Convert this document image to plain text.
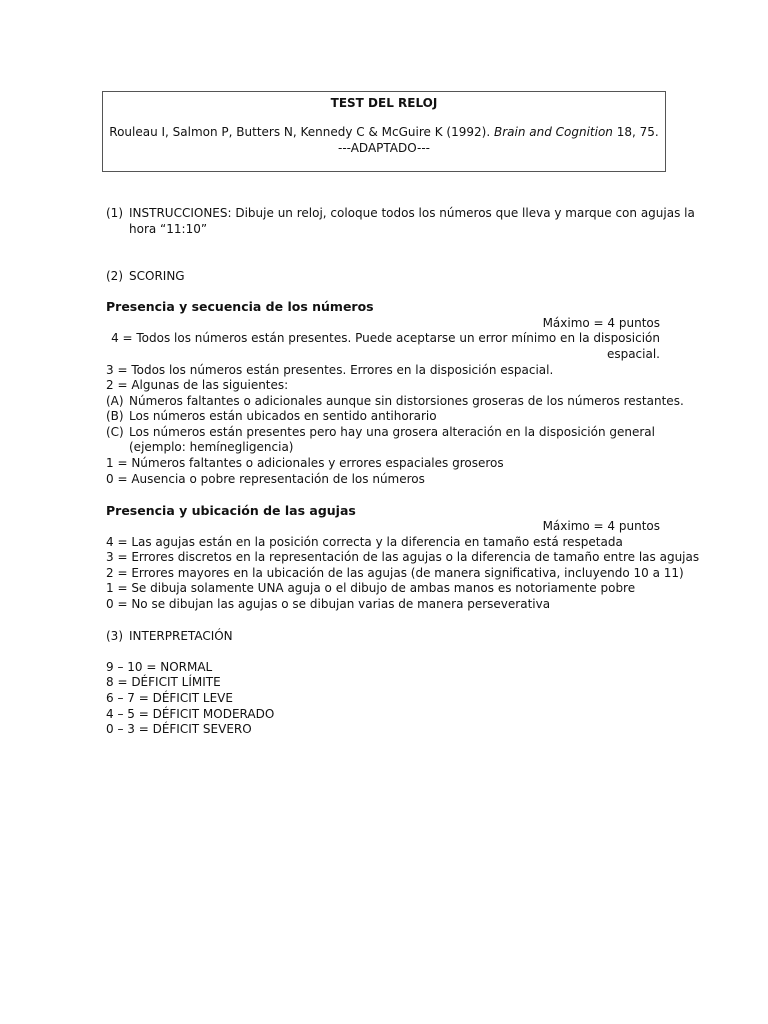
TEST DEL RELOJ
Rouleau I, Salmon P, Butters N, Kennedy C & McGuire K (1992). Brain and Cognition 18, 75.
---ADAPTADO---
(1) INSTRUCCIONES: Dibuje un reloj, coloque todos los números que lleva y marque con agujas la
hora “11:10”
(2) SCORING
Presencia y secuencia de los números
Máximo = 4 puntos
4 = Todos los números están presentes. Puede aceptarse un error mínimo en la disposición
espacial.
3 = Todos los números están presentes. Errores en la disposición espacial.
2 = Algunas de las siguientes:
(A) Números faltantes o adicionales aunque sin distorsiones groseras de los números restantes.
(B) Los números están ubicados en sentido antihorario
(C) Los números están presentes pero hay una grosera alteración en la disposición general
(ejemplo: hemínegligencia)
1 = Números faltantes o adicionales y errores espaciales groseros
0 = Ausencia o pobre representación de los números
Presencia y ubicación de las agujas
Máximo = 4 puntos
4 = Las agujas están en la posición correcta y la diferencia en tamaño está respetada
3 = Errores discretos en la representación de las agujas o la diferencia de tamaño entre las agujas
2 = Errores mayores en la ubicación de las agujas (de manera significativa, incluyendo 10 a 11)
1 = Se dibuja solamente UNA aguja o el dibujo de ambas manos es notoriamente pobre
0 = No se dibujan las agujas o se dibujan varias de manera perseverativa
(3) INTERPRETACIÓN
9 – 10 = NORMAL
8 = DÉFICIT LÍMITE
6 – 7 = DÉFICIT LEVE
4 – 5 = DÉFICIT MODERADO
0 – 3 = DÉFICIT SEVERO
